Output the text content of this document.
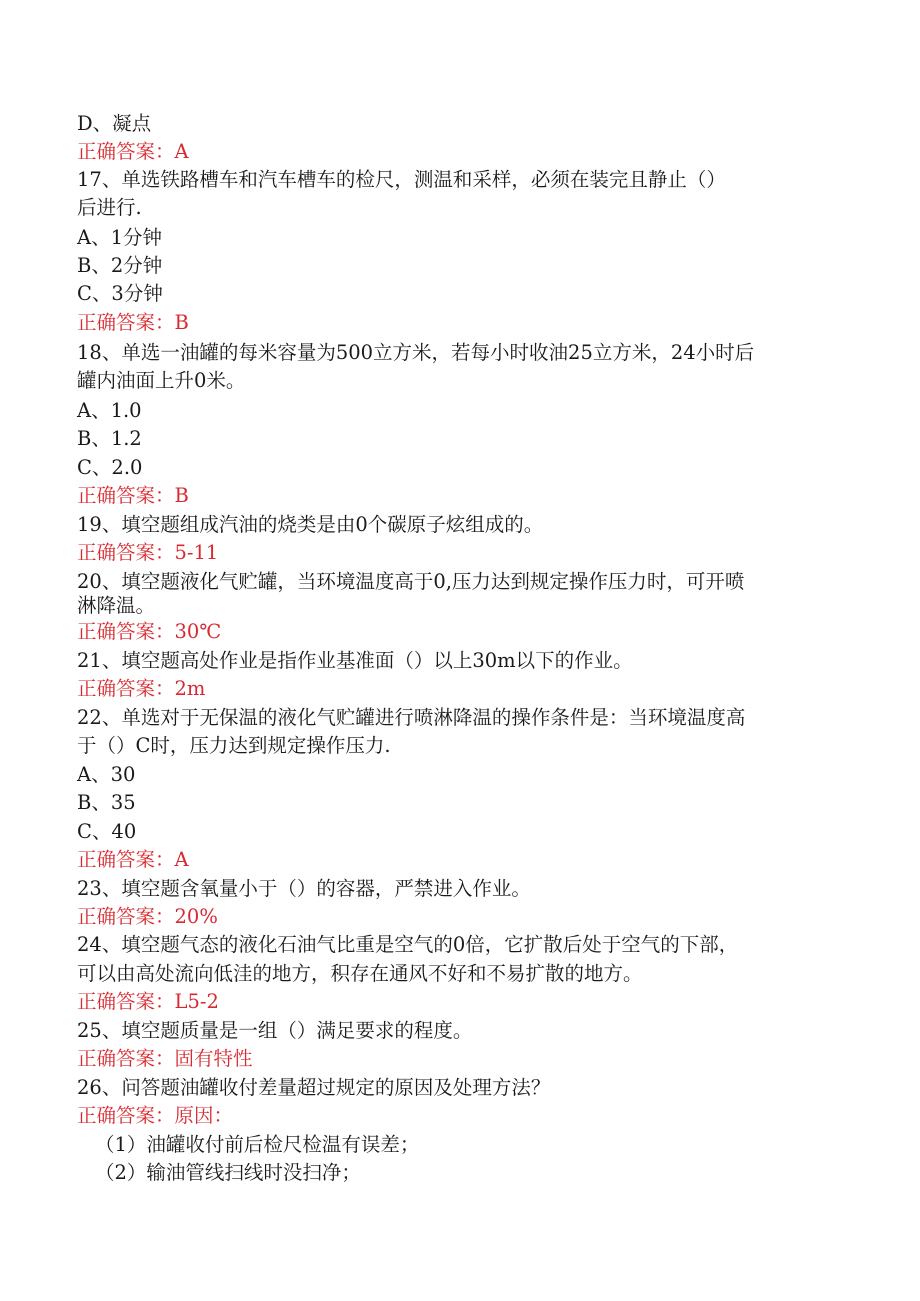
D、凝点
正确答案：A
17、单选铁路槽车和汽车槽车的检尺，测温和采样，必须在装完且静止（）
后进行.
A、1分钟
B、2分钟
C、3分钟
正确答案：B
18、单选一油罐的每米容量为500立方米，若每小时收油25立方米，24小时后
罐内油面上升0米。
A、1.0
B、1.2
C、2.0
正确答案：B
19、填空题组成汽油的烧类是由0个碳原子炫组成的。
正确答案：5-11
20、填空题液化气贮罐，当环境温度高于0,压力达到规定操作压力时，可开喷
淋降温。
正确答案：30℃
21、填空题高处作业是指作业基准面（）以上30m以下的作业。
正确答案：2m
22、单选对于无保温的液化气贮罐进行喷淋降温的操作条件是：当环境温度高
于（）C时，压力达到规定操作压力.
A、30
B、35
C、40
正确答案：A
23、填空题含氧量小于（）的容器，严禁进入作业。
正确答案：20%
24、填空题气态的液化石油气比重是空气的0倍，它扩散后处于空气的下部，
可以由高处流向低洼的地方，积存在通风不好和不易扩散的地方。
正确答案：L5-2
25、填空题质量是一组（）满足要求的程度。
正确答案：固有特性
26、问答题油罐收付差量超过规定的原因及处理方法？
正确答案：原因：
（1）油罐收付前后检尺检温有误差；
（2）输油管线扫线时没扫净；
